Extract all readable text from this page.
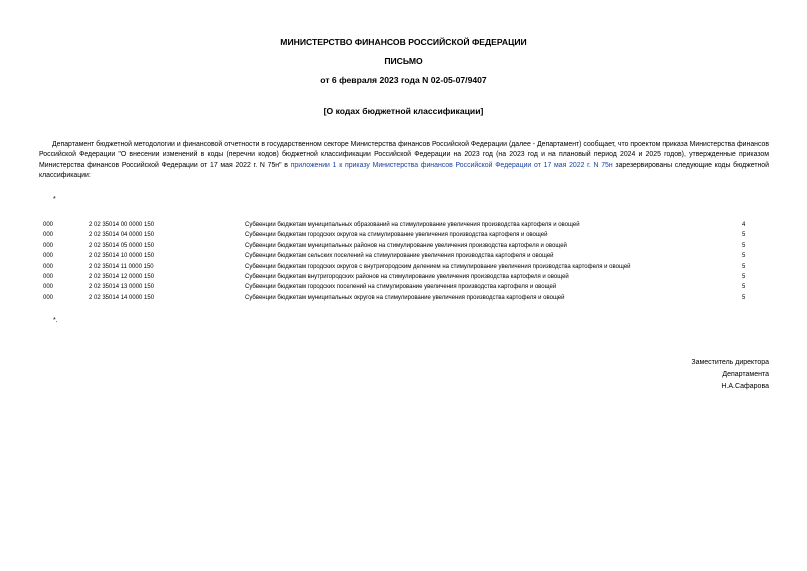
МИНИСТЕРСТВО ФИНАНСОВ РОССИЙСКОЙ ФЕДЕРАЦИИ
ПИСЬМО
от 6 февраля 2023 года N 02-05-07/9407
[О кодах бюджетной классификации]
Департамент бюджетной методологии и финансовой отчетности в государственном секторе Министерства финансов Российской Федерации (далее - Департамент) сообщает, что проектом приказа Министерства финансов Российской Федерации "О внесении изменений в коды (перечни кодов) бюджетной классификации Российской Федерации на 2023 год (на 2023 год и на плановый период 2024 и 2025 годов), утвержденные приказом Министерства финансов Российской Федерации от 17 мая 2022 г. N 75н" в приложении 1 к приказу Министерства финансов Российской Федерации от 17 мая 2022 г. N 75н зарезервированы следующие коды бюджетной классификации:
*
000	2 02 35014 00 0000 150	Субвенции бюджетам муниципальных образований на стимулирование увеличения производства картофеля и овощей	4
000	2 02 35014 04 0000 150	Субвенции бюджетам городских округов на стимулирование увеличения производства картофеля и овощей	5
000	2 02 35014 05 0000 150	Субвенции бюджетам муниципальных районов на стимулирование увеличения производства картофеля и овощей	5
000	2 02 35014 10 0000 150	Субвенции бюджетам сельских поселений на стимулирование увеличения производства картофеля и овощей	5
000	2 02 35014 11 0000 150	Субвенции бюджетам городских округов с внутригородским делением на стимулирование увеличения производства картофеля и овощей	5
000	2 02 35014 12 0000 150	Субвенции бюджетам внутригородских районов на стимулирование увеличения производства картофеля и овощей	5
000	2 02 35014 13 0000 150	Субвенции бюджетам городских поселений на стимулирование увеличения производства картофеля и овощей	5
000	2 02 35014 14 0000 150	Субвенции бюджетам муниципальных округов на стимулирование увеличения производства картофеля и овощей	5
*.
Заместитель директора
Департамента
Н.А.Сафарова
